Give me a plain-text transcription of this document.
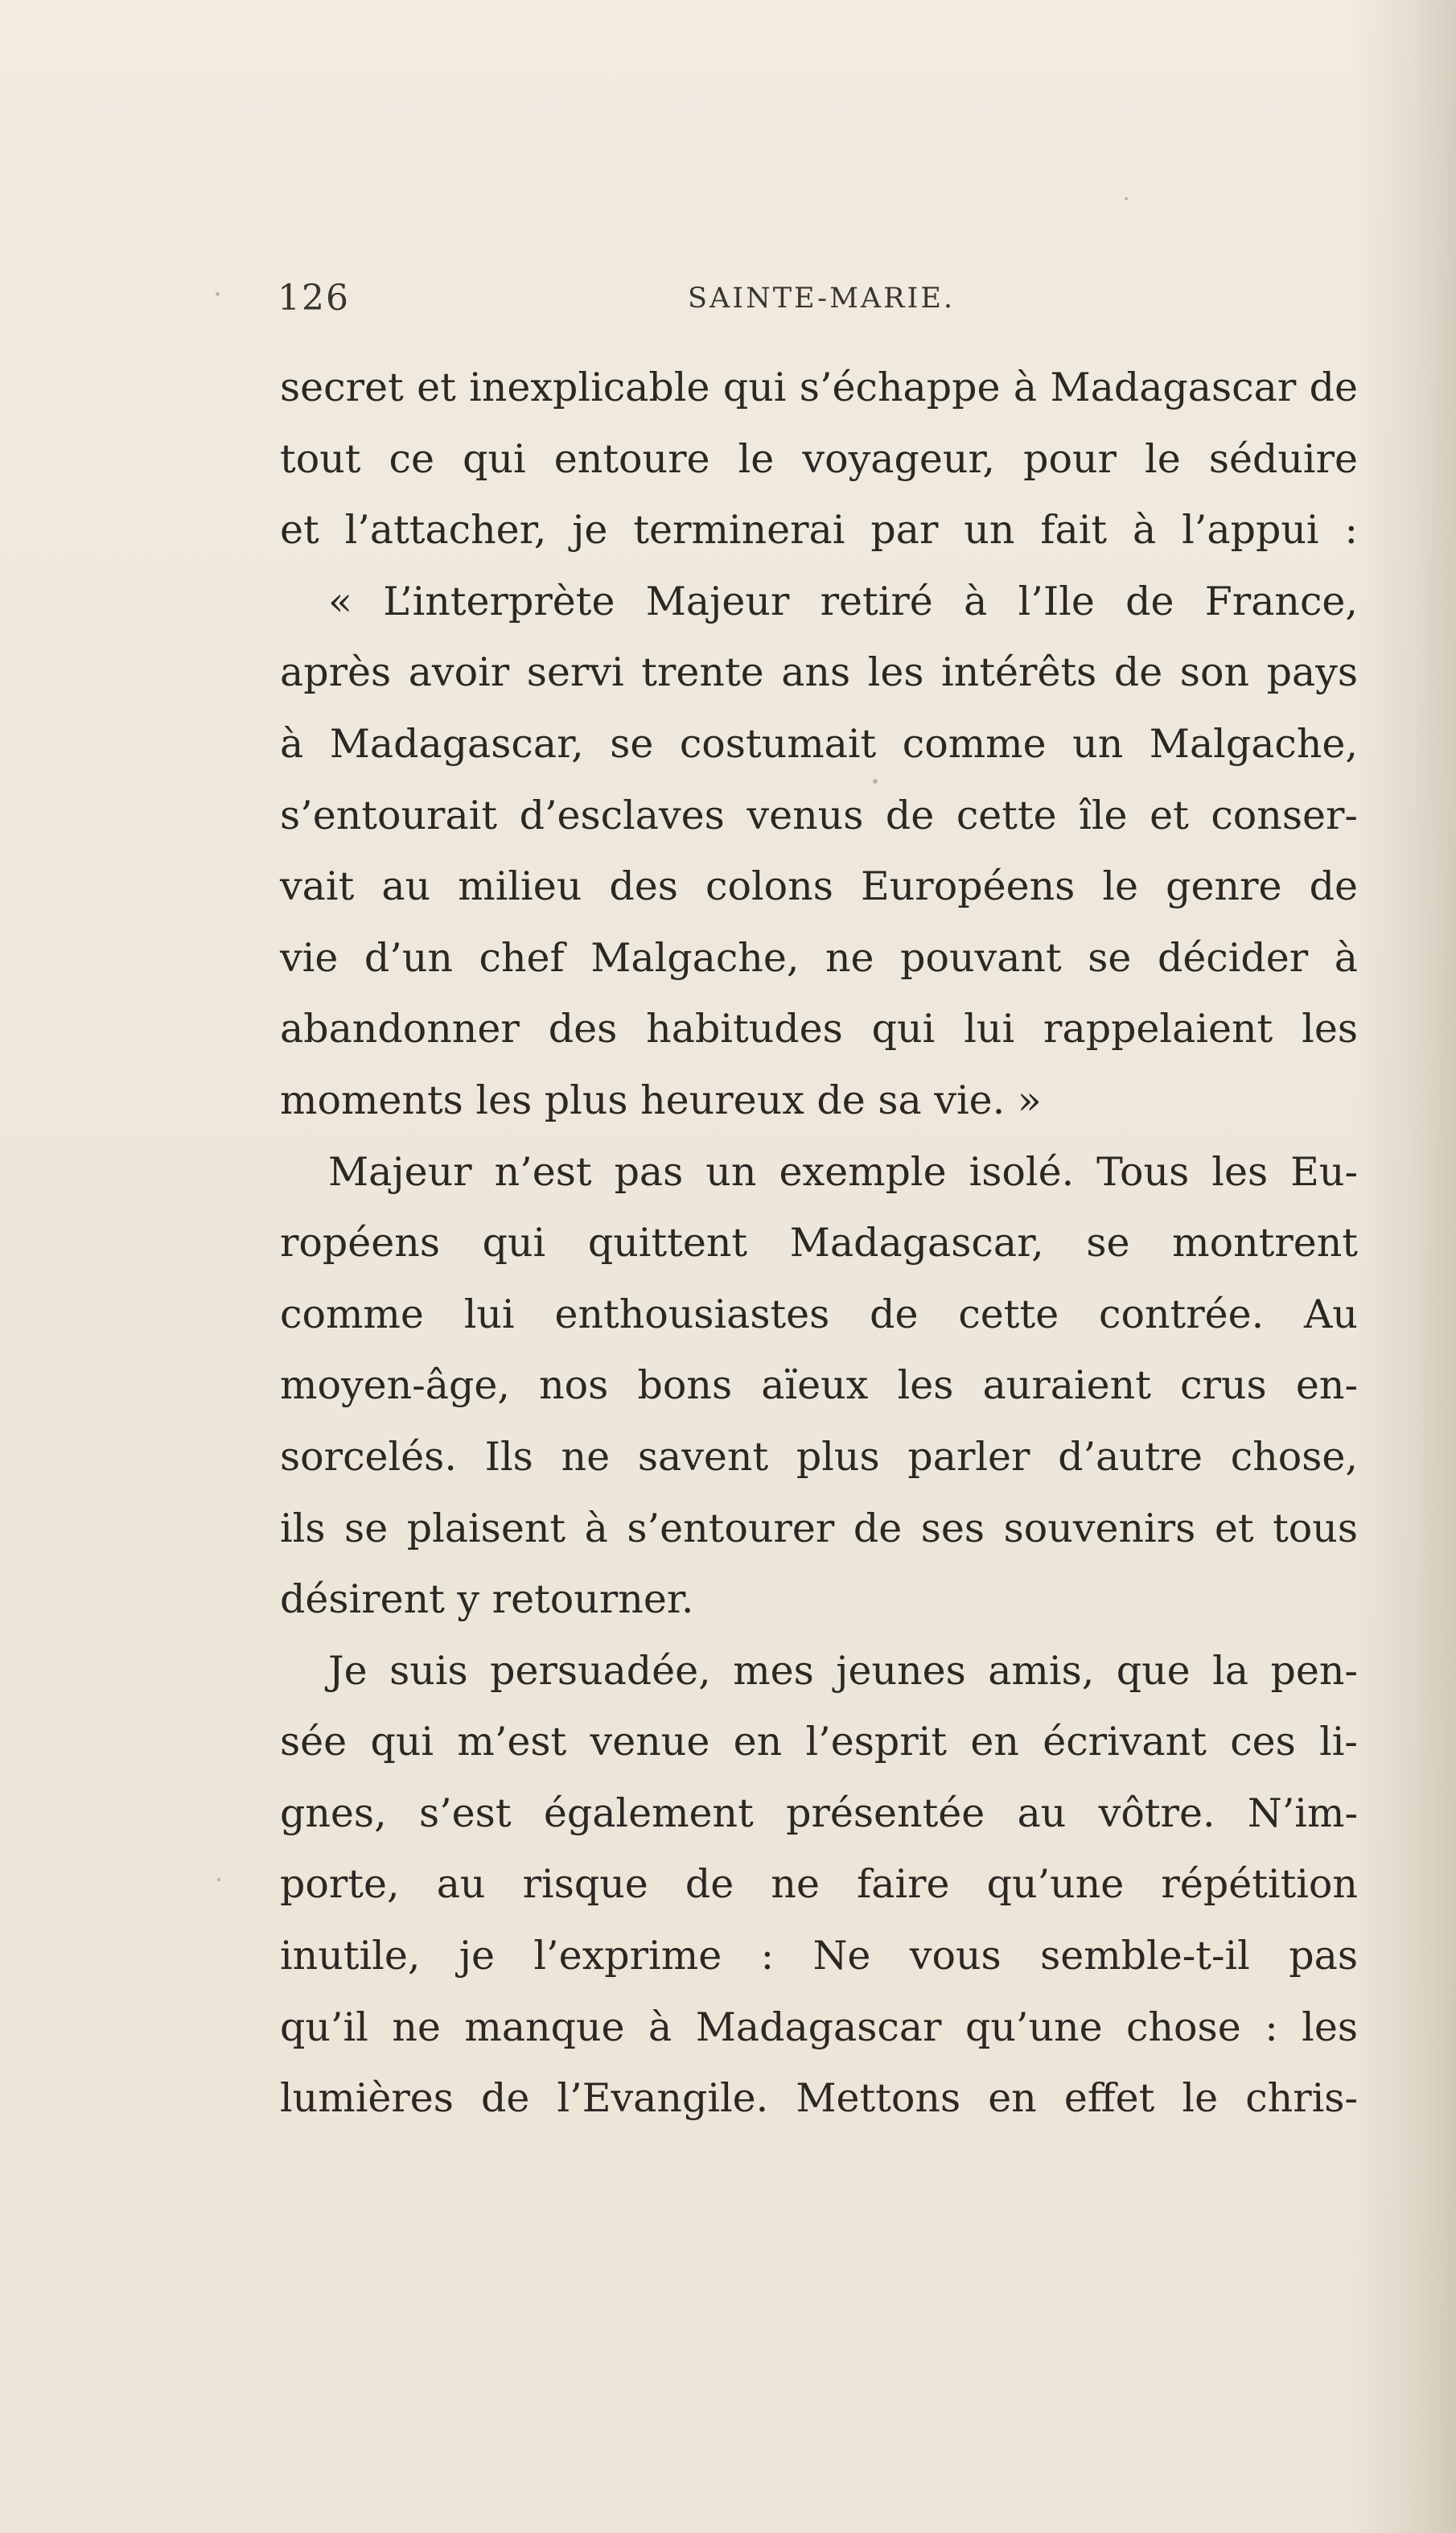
126	SAINTE-MARIE.
secret et inexplicable qui s’échappe à Madagascar de
tout ce qui entoure le voyageur, pour le séduire
et l’attacher, je terminerai par un fait à l’appui :
« L’interprète Majeur retiré à l’Ile de France,
après avoir servi trente ans les intérêts de son pays
à Madagascar, se costumait comme un Malgache,
s’entourait d’esclaves venus de cette île et conser-
vait au milieu des colons Européens le genre de
vie d’un chef Malgache, ne pouvant se décider à
abandonner des habitudes qui lui rappelaient les
moments les plus heureux de sa vie. »
Majeur n’est pas un exemple isolé. Tous les Eu-
ropéens qui quittent Madagascar, se montrent
comme lui enthousiastes de cette contrée. Au
moyen-âge, nos bons aïeux les auraient crus en-
sorcelés. Ils ne savent plus parler d’autre chose,
ils se plaisent à s’entourer de ses souvenirs et tous
désirent y retourner.
Je suis persuadée, mes jeunes amis, que la pen-
sée qui m’est venue en l’esprit en écrivant ces li-
gnes, s’est également présentée au vôtre. N’im-
porte, au risque de ne faire qu’une répétition
inutile, je l’exprime : Ne vous semble-t-il pas
qu’il ne manque à Madagascar qu’une chose : les
lumières de l’Evangile. Mettons en effet le chris-
